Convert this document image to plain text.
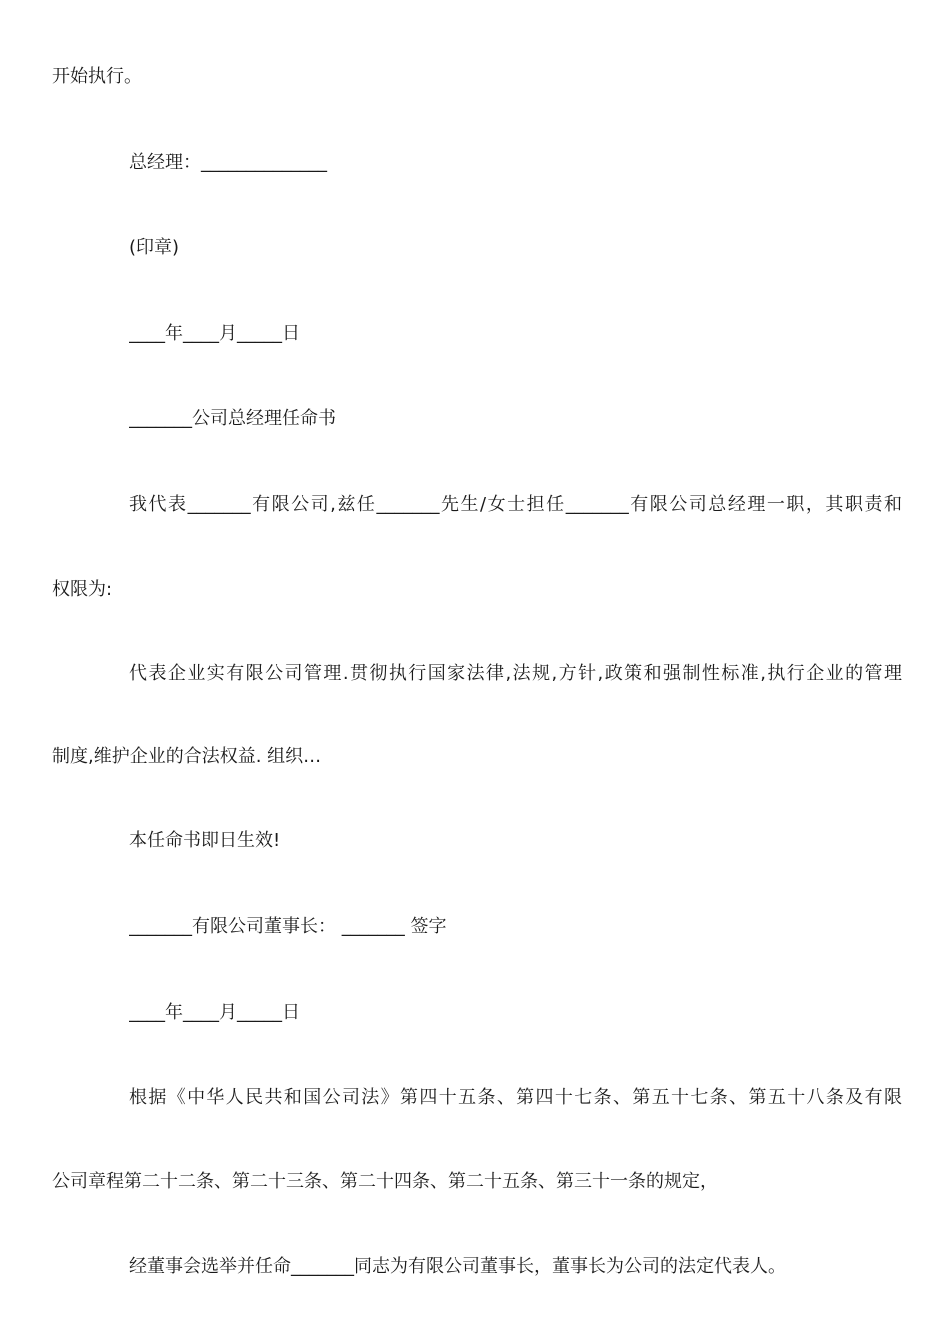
开始执行。
总经理：______________
(印章)
____年____月_____日
_______公司总经理任命书
我代表_______有限公司,兹任_______先生/女士担任_______有限公司总经理一职，其职责和
权限为:
代表企业实有限公司管理.贯彻执行国家法律,法规,方针,政策和强制性标准,执行企业的管理
制度,维护企业的合法权益. 组织…
本任命书即日生效!
_______有限公司董事长： _______ 签字
____年____月_____日
根据《中华人民共和国公司法》第四十五条、第四十七条、第五十七条、第五十八条及有限
公司章程第二十二条、第二十三条、第二十四条、第二十五条、第三十一条的规定，
经董事会选举并任命_______同志为有限公司董事长，董事长为公司的法定代表人。
